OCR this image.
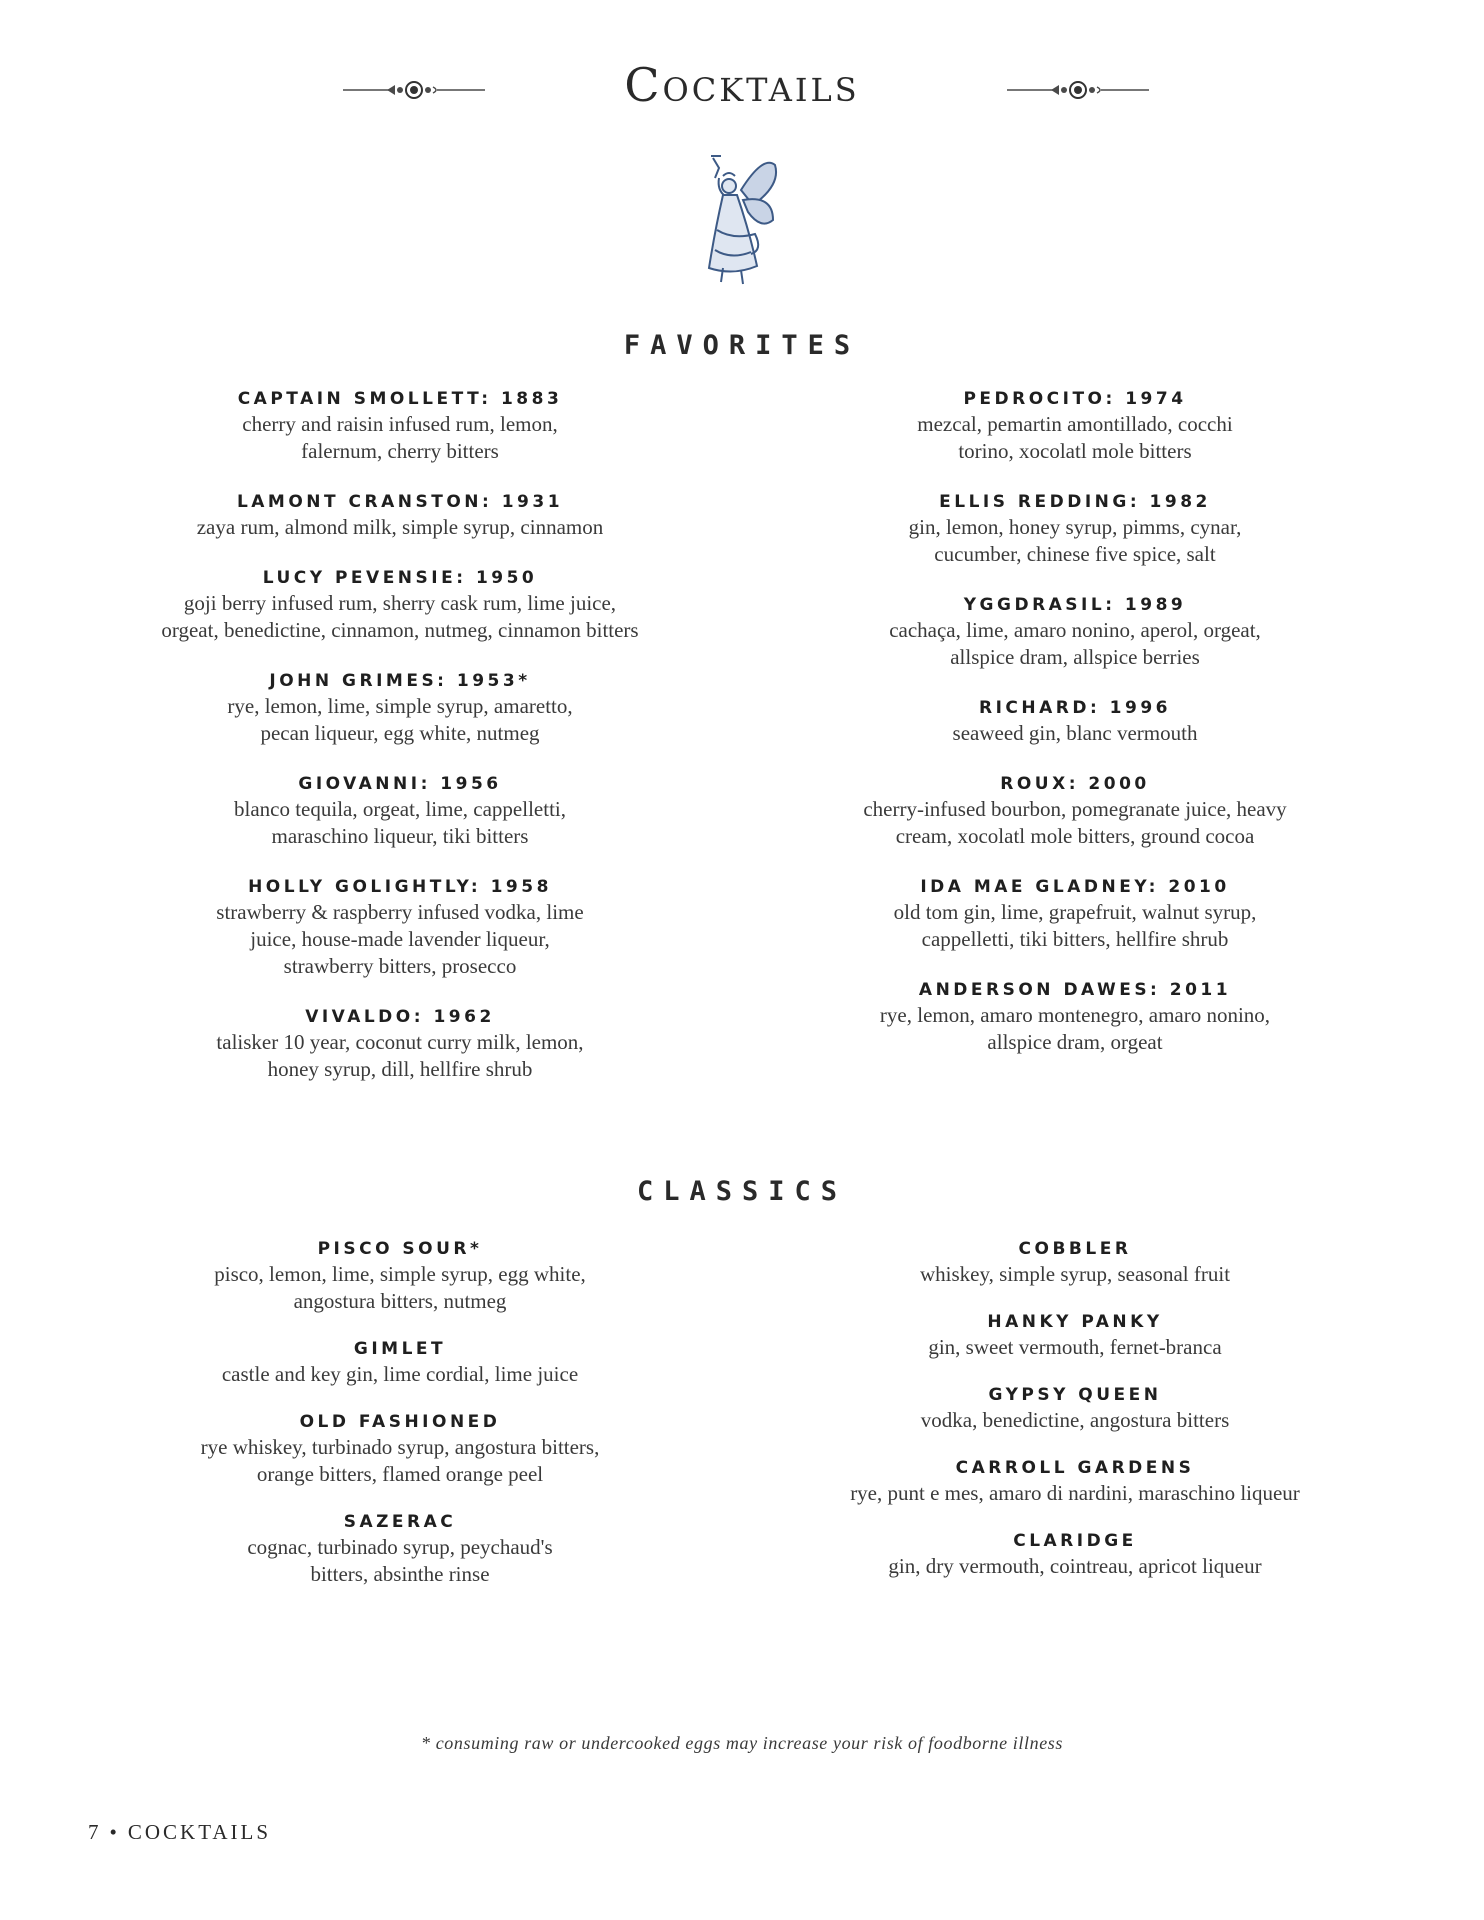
Cocktails
FAVORITES
CAPTAIN SMOLLETT: 1883
cherry and raisin infused rum, lemon,
falernum, cherry bitters
LAMONT CRANSTON: 1931
zaya rum, almond milk, simple syrup, cinnamon
LUCY PEVENSIE: 1950
goji berry infused rum, sherry cask rum, lime juice,
orgeat, benedictine, cinnamon, nutmeg, cinnamon bitters
JOHN GRIMES: 1953*
rye, lemon, lime, simple syrup, amaretto,
pecan liqueur, egg white, nutmeg
GIOVANNI: 1956
blanco tequila, orgeat, lime, cappelletti,
maraschino liqueur, tiki bitters
HOLLY GOLIGHTLY: 1958
strawberry & raspberry infused vodka, lime
juice, house-made lavender liqueur,
strawberry bitters, prosecco
VIVALDO: 1962
talisker 10 year, coconut curry milk, lemon,
honey syrup, dill, hellfire shrub
PEDROCITO: 1974
mezcal, pemartin amontillado, cocchi
torino, xocolatl mole bitters
ELLIS REDDING: 1982
gin, lemon, honey syrup, pimms, cynar,
cucumber, chinese five spice, salt
YGGDRASIL: 1989
cachaça, lime, amaro nonino, aperol, orgeat,
allspice dram, allspice berries
RICHARD: 1996
seaweed gin, blanc vermouth
ROUX: 2000
cherry-infused bourbon, pomegranate juice, heavy
cream, xocolatl mole bitters, ground cocoa
IDA MAE GLADNEY: 2010
old tom gin, lime, grapefruit, walnut syrup,
cappelletti, tiki bitters, hellfire shrub
ANDERSON DAWES: 2011
rye, lemon, amaro montenegro, amaro nonino,
allspice dram, orgeat
CLASSICS
PISCO SOUR*
pisco, lemon, lime, simple syrup, egg white,
angostura bitters, nutmeg
GIMLET
castle and key gin, lime cordial, lime juice
OLD FASHIONED
rye whiskey, turbinado syrup, angostura bitters,
orange bitters, flamed orange peel
SAZERAC
cognac, turbinado syrup, peychaud's
bitters, absinthe rinse
COBBLER
whiskey, simple syrup, seasonal fruit
HANKY PANKY
gin, sweet vermouth, fernet-branca
GYPSY QUEEN
vodka, benedictine, angostura bitters
CARROLL GARDENS
rye, punt e mes, amaro di nardini, maraschino liqueur
CLARIDGE
gin, dry vermouth, cointreau, apricot liqueur
* consuming raw or undercooked eggs may increase your risk of foodborne illness
7 • COCKTAILS
